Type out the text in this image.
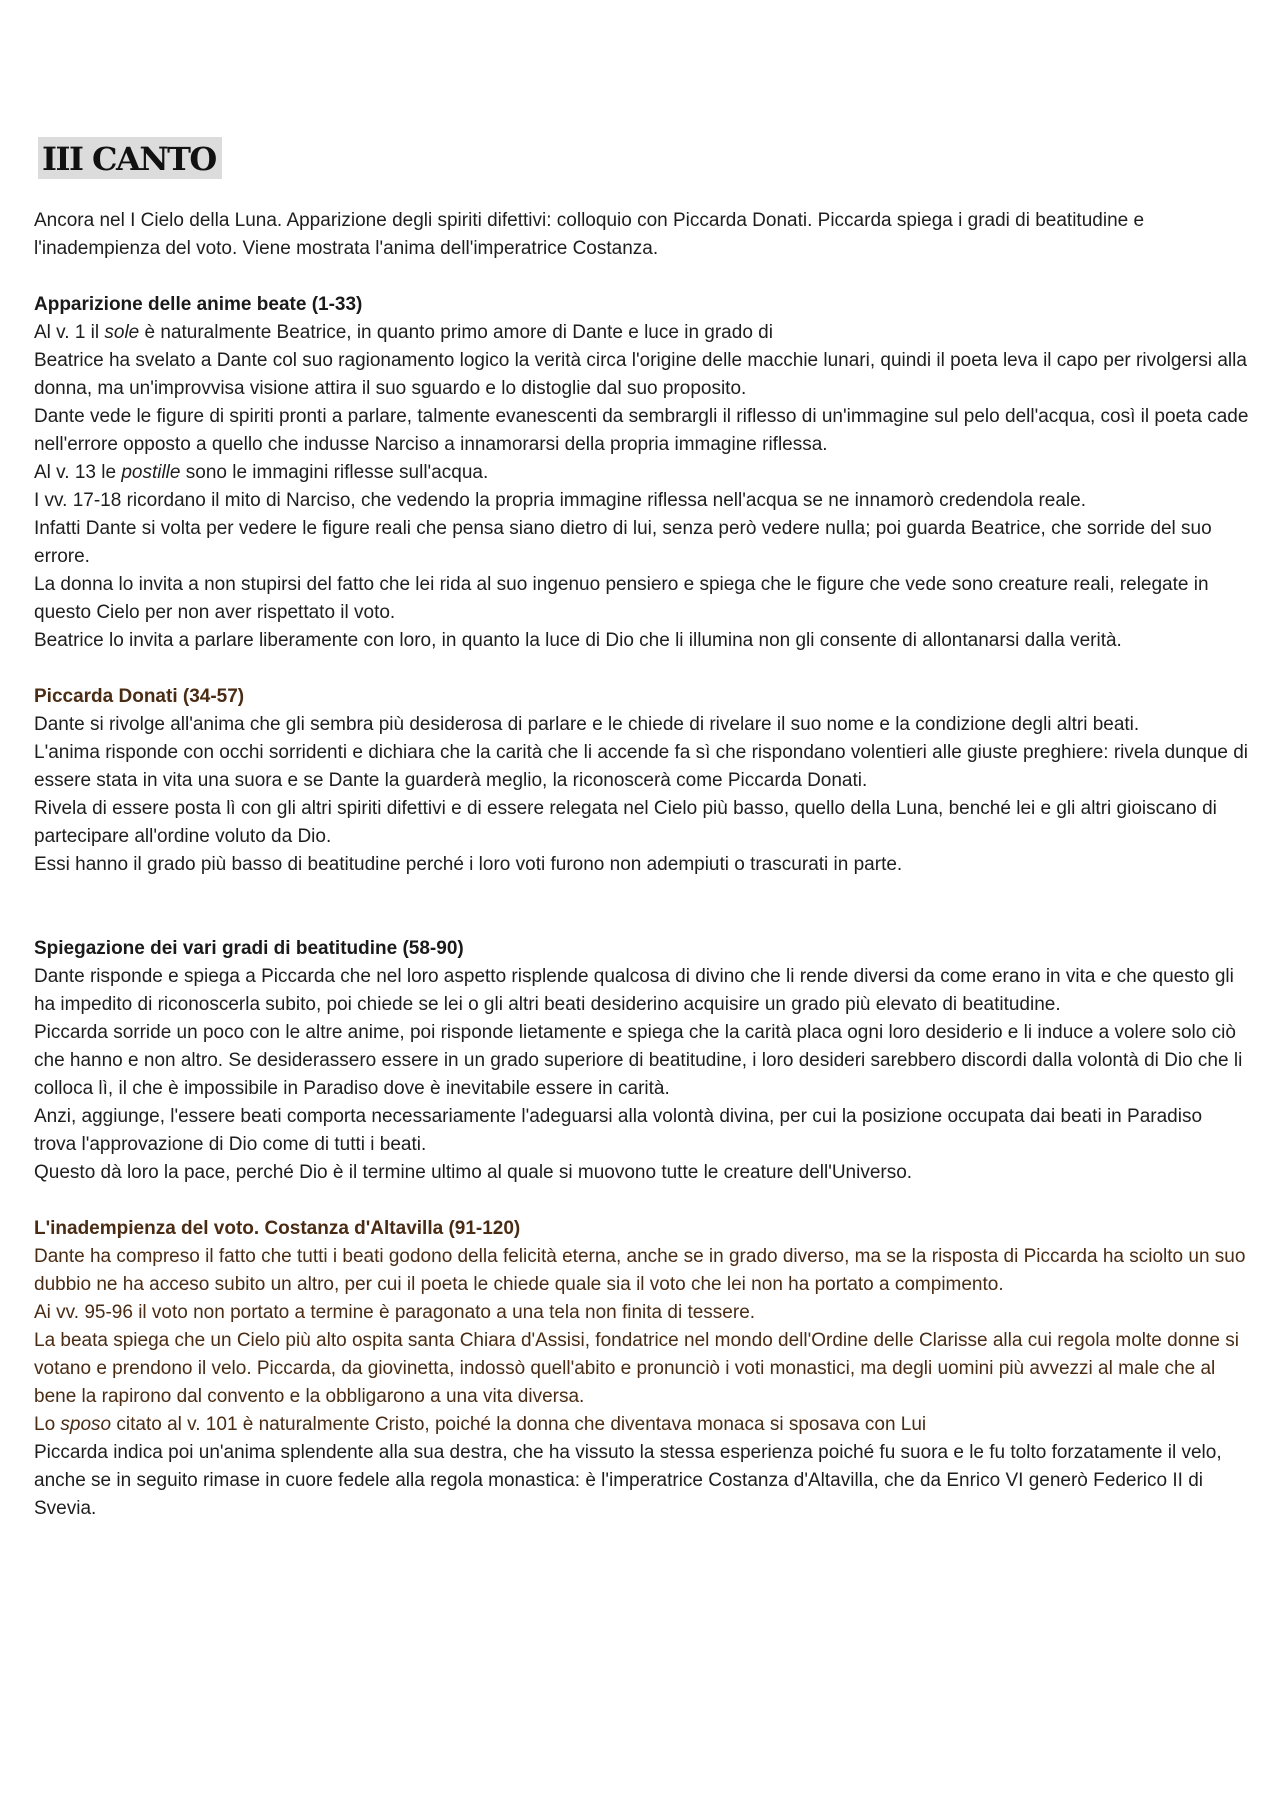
III CANTO

Ancora nel I Cielo della Luna. Apparizione degli spiriti difettivi: colloquio con Piccarda Donati. Piccarda spiega i gradi di beatitudine e l'inadempienza del voto. Viene mostrata l'anima dell'imperatrice Costanza.

Apparizione delle anime beate (1-33)

Al v. 1 il sole è naturalmente Beatrice, in quanto primo amore di Dante e luce in grado di

Beatrice ha svelato a Dante col suo ragionamento logico la verità circa l'origine delle macchie lunari, quindi il poeta leva il capo per rivolgersi alla donna, ma un'improvvisa visione attira il suo sguardo e lo distoglie dal suo proposito.

Dante vede le figure di spiriti pronti a parlare, talmente evanescenti da sembrargli il riflesso di un'immagine sul pelo dell'acqua, così il poeta cade nell'errore opposto a quello che indusse Narciso a innamorarsi della propria immagine riflessa.

Al v. 13 le postille sono le immagini riflesse sull'acqua.

I vv. 17-18 ricordano il mito di Narciso, che vedendo la propria immagine riflessa nell'acqua se ne innamorò credendola reale.

Infatti Dante si volta per vedere le figure reali che pensa siano dietro di lui, senza però vedere nulla; poi guarda Beatrice, che sorride del suo errore.

La donna lo invita a non stupirsi del fatto che lei rida al suo ingenuo pensiero e spiega che le figure che vede sono creature reali, relegate in questo Cielo per non aver rispettato il voto.

Beatrice lo invita a parlare liberamente con loro, in quanto la luce di Dio che li illumina non gli consente di allontanarsi dalla verità.

Piccarda Donati (34-57)

Dante si rivolge all'anima che gli sembra più desiderosa di parlare e le chiede di rivelare il suo nome e la condizione degli altri beati.

L'anima risponde con occhi sorridenti e dichiara che la carità che li accende fa sì che rispondano volentieri alle giuste preghiere: rivela dunque di essere stata in vita una suora e se Dante la guarderà meglio, la riconoscerà come Piccarda Donati.

Rivela di essere posta lì con gli altri spiriti difettivi e di essere relegata nel Cielo più basso, quello della Luna, benché lei e gli altri gioiscano di partecipare all'ordine voluto da Dio.

Essi hanno il grado più basso di beatitudine perché i loro voti furono non adempiuti o trascurati in parte.

Spiegazione dei vari gradi di beatitudine (58-90)

Dante risponde e spiega a Piccarda che nel loro aspetto risplende qualcosa di divino che li rende diversi da come erano in vita e che questo gli ha impedito di riconoscerla subito, poi chiede se lei o gli altri beati desiderino acquisire un grado più elevato di beatitudine.

Piccarda sorride un poco con le altre anime, poi risponde lietamente e spiega che la carità placa ogni loro desiderio e li induce a volere solo ciò che hanno e non altro. Se desiderassero essere in un grado superiore di beatitudine, i loro desideri sarebbero discordi dalla volontà di Dio che li colloca lì, il che è impossibile in Paradiso dove è inevitabile essere in carità.

Anzi, aggiunge, l'essere beati comporta necessariamente l'adeguarsi alla volontà divina, per cui la posizione occupata dai beati in Paradiso trova l'approvazione di Dio come di tutti i beati.

Questo dà loro la pace, perché Dio è il termine ultimo al quale si muovono tutte le creature dell'Universo.

L'inadempienza del voto. Costanza d'Altavilla (91-120)

Dante ha compreso il fatto che tutti i beati godono della felicità eterna, anche se in grado diverso, ma se la risposta di Piccarda ha sciolto un suo dubbio ne ha acceso subito un altro, per cui il poeta le chiede quale sia il voto che lei non ha portato a compimento.

Ai vv. 95-96 il voto non portato a termine è paragonato a una tela non finita di tessere.

La beata spiega che un Cielo più alto ospita santa Chiara d'Assisi, fondatrice nel mondo dell'Ordine delle Clarisse alla cui regola molte donne si votano e prendono il velo. Piccarda, da giovinetta, indossò quell'abito e pronunciò i voti monastici, ma degli uomini più avvezzi al male che al bene la rapirono dal convento e la obbligarono a una vita diversa.

Lo sposo citato al v. 101 è naturalmente Cristo, poiché la donna che diventava monaca si sposava con Lui

Piccarda indica poi un'anima splendente alla sua destra, che ha vissuto la stessa esperienza poiché fu suora e le fu tolto forzatamente il velo, anche se in seguito rimase in cuore fedele alla regola monastica: è l'imperatrice Costanza d'Altavilla, che da Enrico VI generò Federico II di Svevia.
